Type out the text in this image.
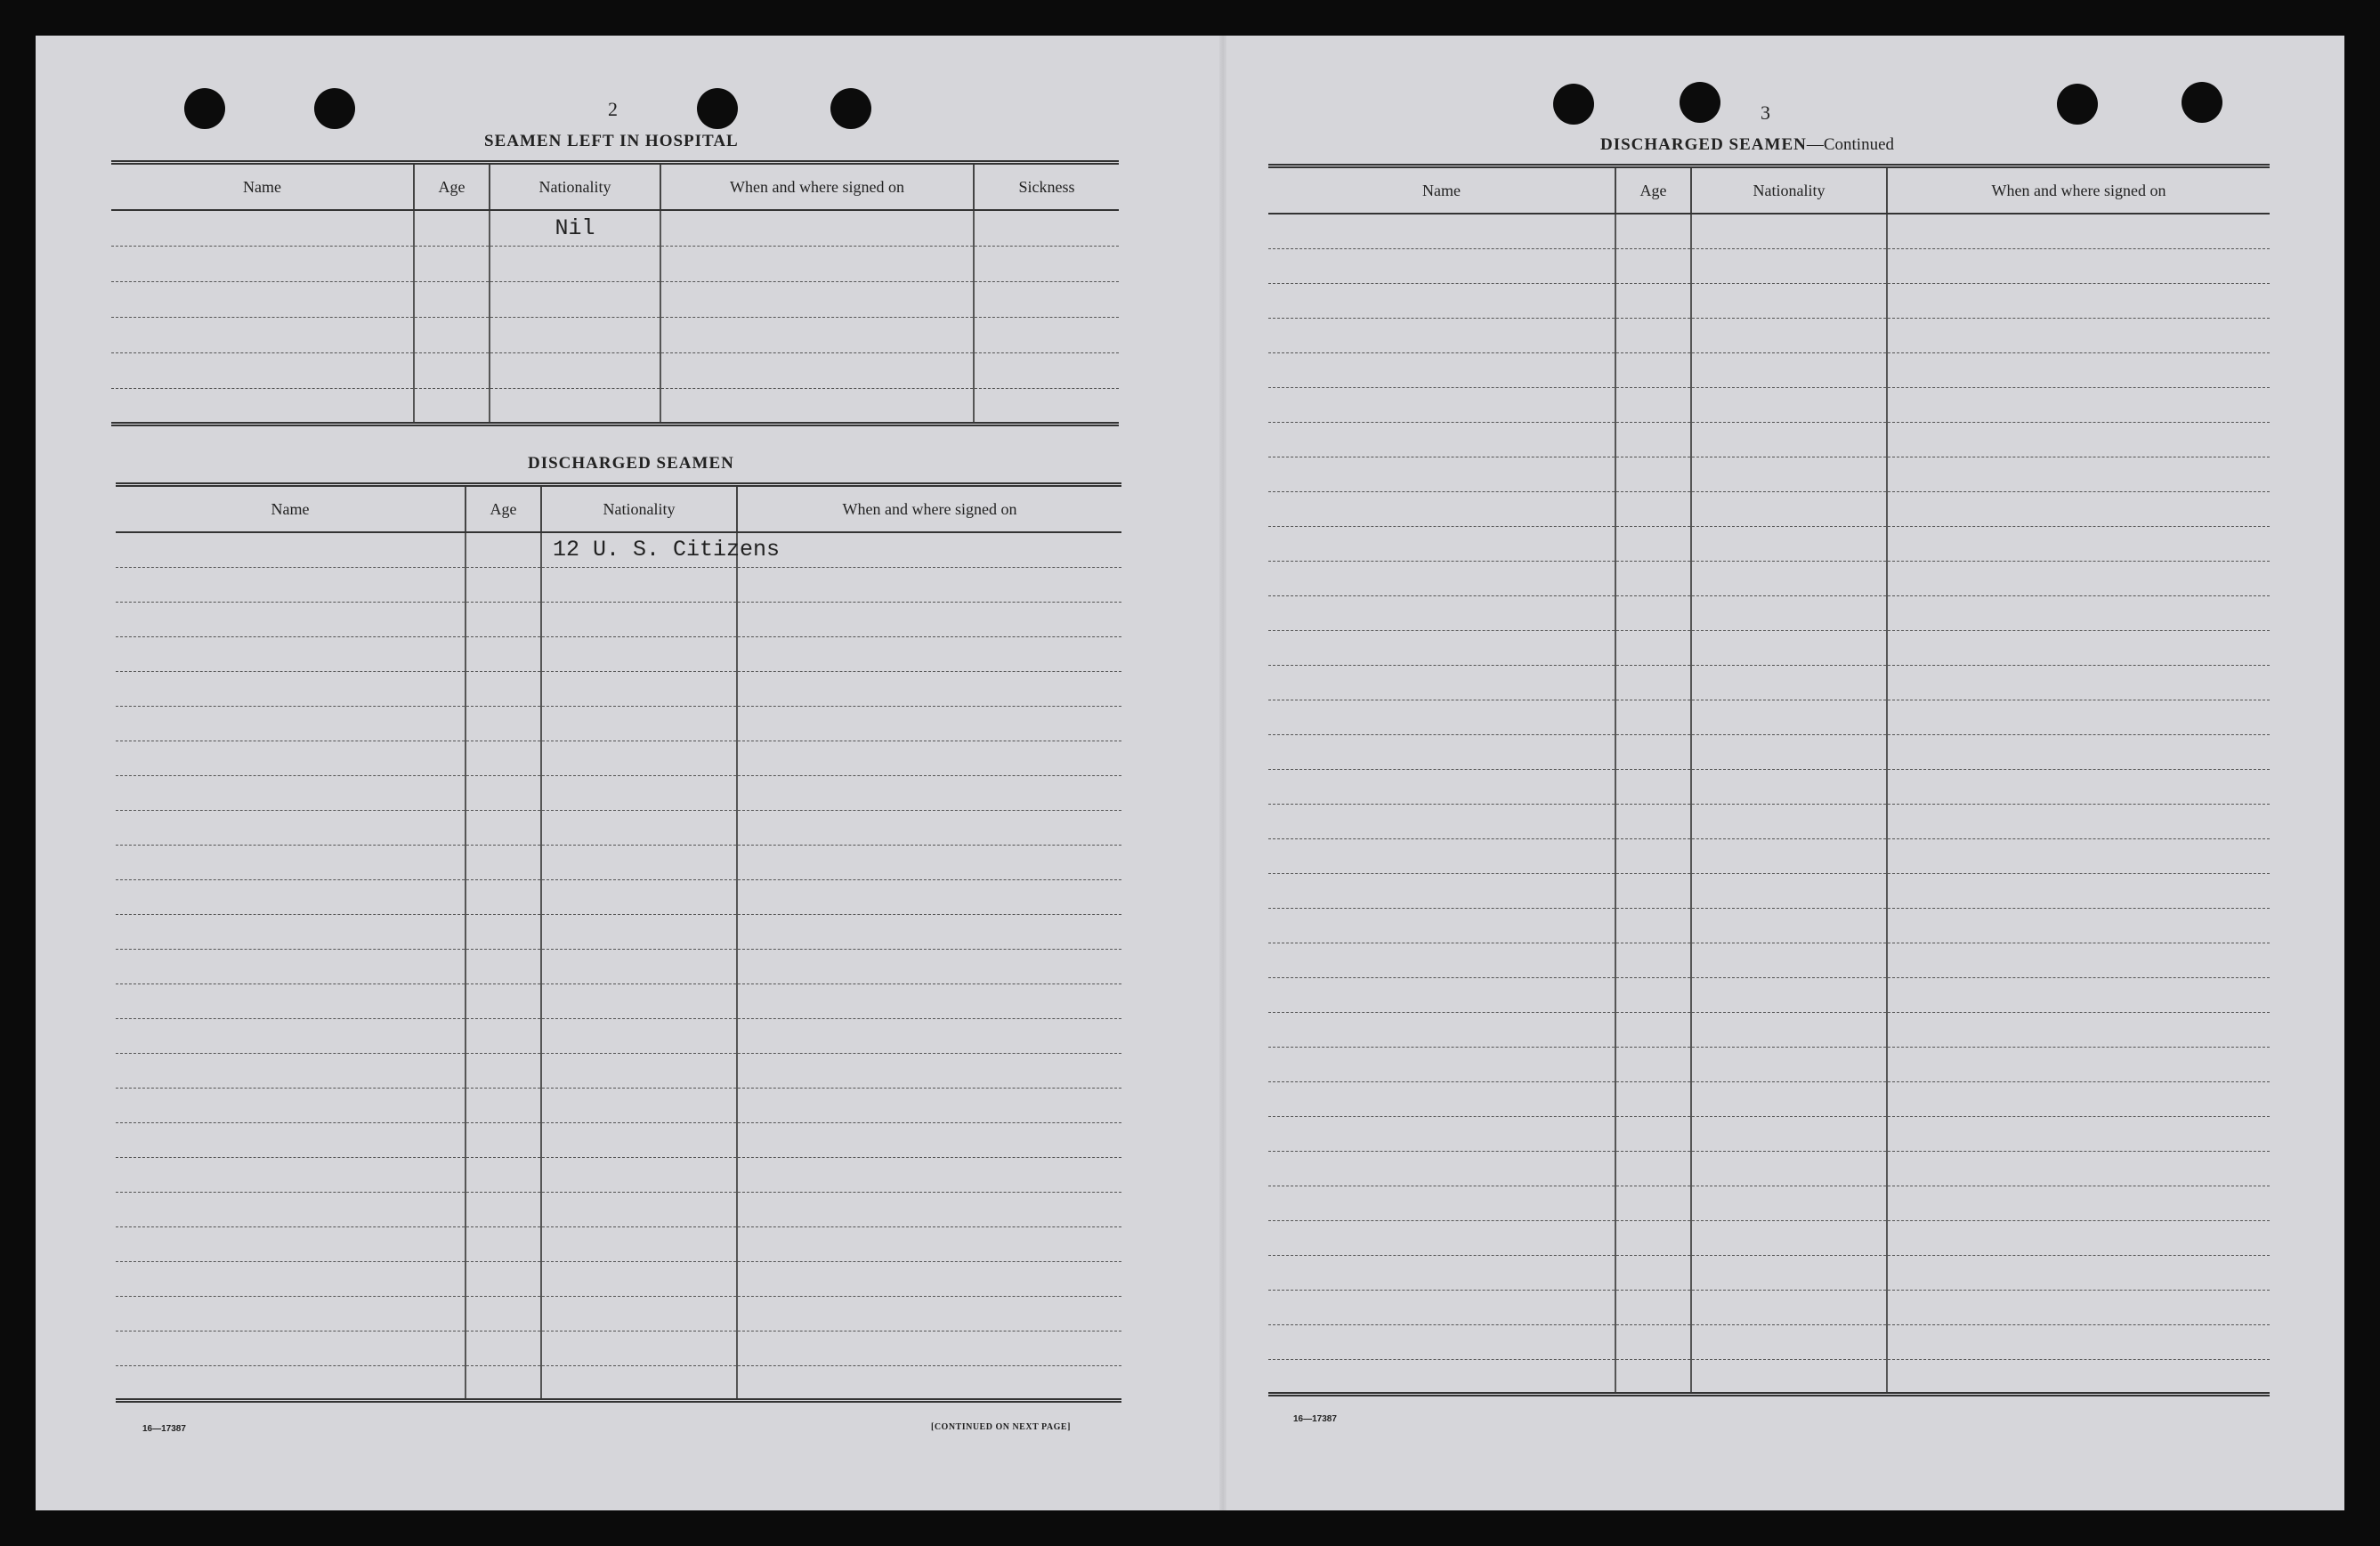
2
SEAMEN LEFT IN HOSPITAL
Name	Age	Nationality	When and where signed on	Sickness
		Nil		

DISCHARGED SEAMEN
Name	Age	Nationality	When and where signed on
		12 U. S. Citizens	

16—17387	[CONTINUED ON NEXT PAGE]
3
DISCHARGED SEAMEN—Continued
Name	Age	Nationality	When and where signed on

16—17387
